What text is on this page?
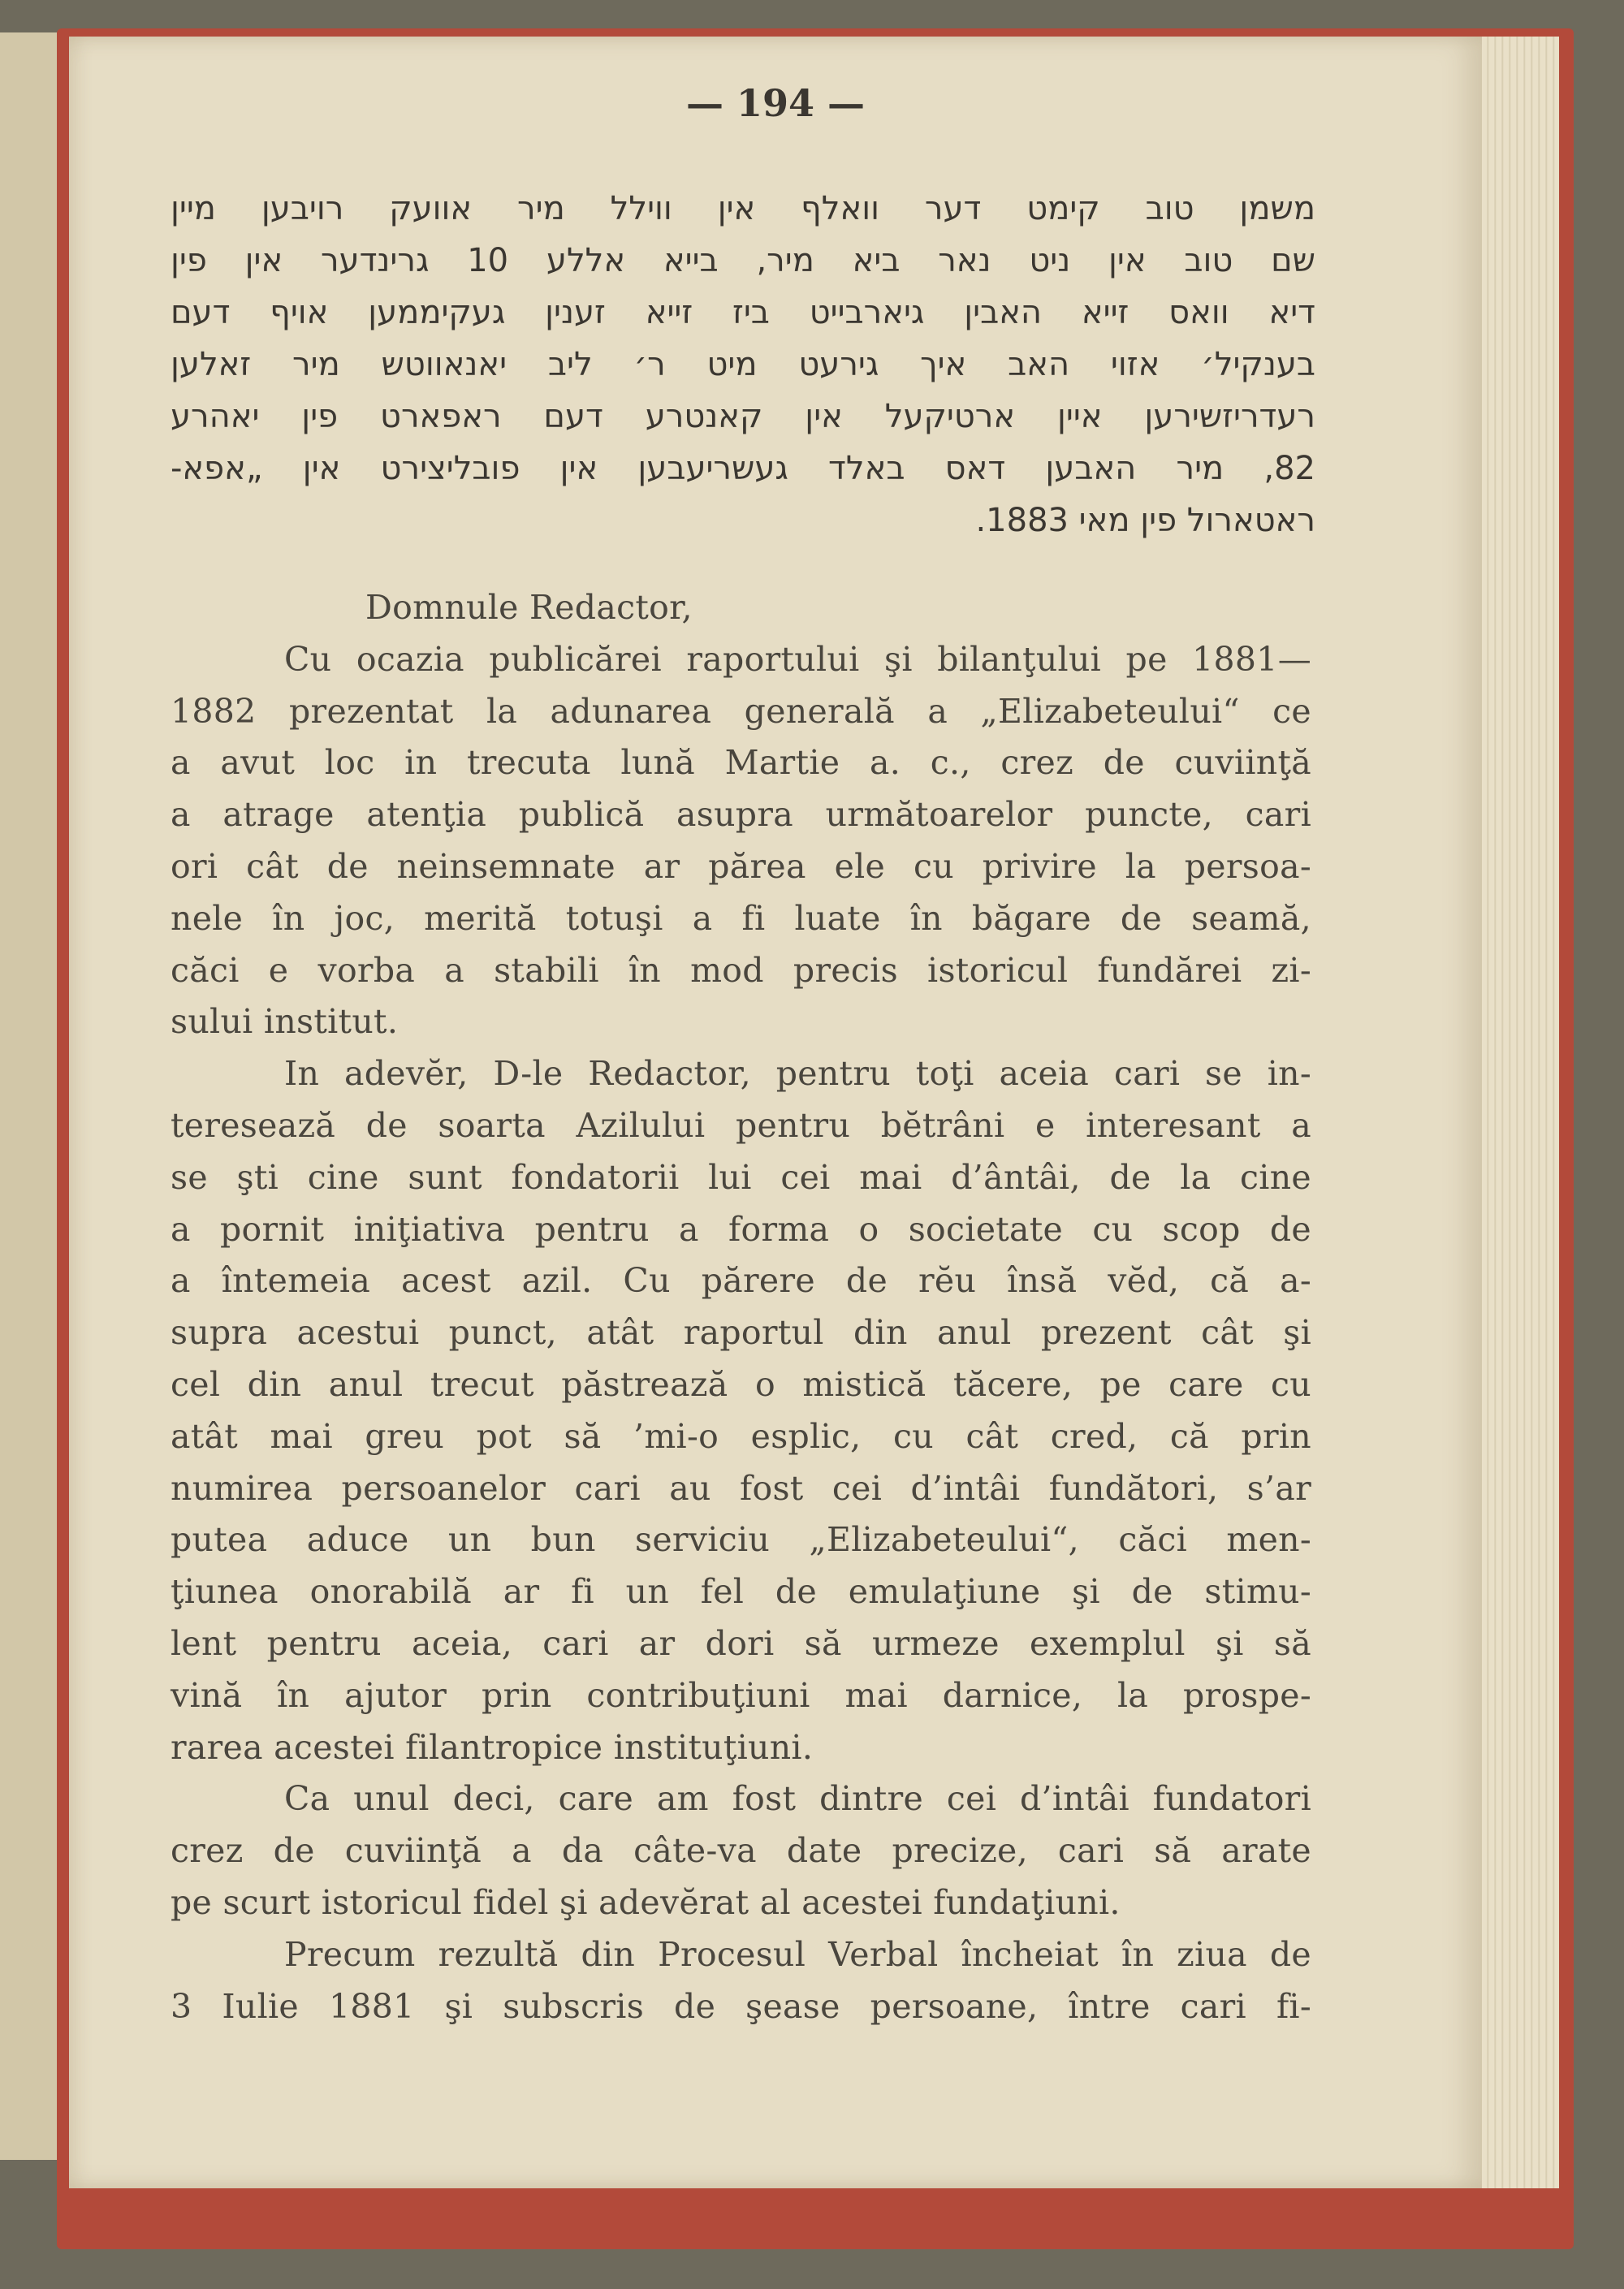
— 194 —
משמן טוב קימט דער וואלף אין ווילל מיר אוועק רויבען מיין
שם טוב אין ניט נאר ביא מיר, בייא אללע 10 גרינדער אין פין
דיא וואס זייא האבין גיארבייט ביז זייא זענין געקיממען אויף דעם
בענקיל׳ אזוי האב איך גירעט מיט ר׳ ליב יאנאווטש מיר זאלען
רעדריזשירען איין ארטיקעל אין קאנטרע דעם ראפארט פין יאהרע
82, מיר האבען דאס באלד געשריעבען אין פובליצירט אין „אפא-
ראטארול פין מאי 1883.
Domnule Redactor,
Cu ocazia publicărei raportului şi bilanţului pe 1881—
1882 prezentat la adunarea generală a „Elizabeteului“ ce
a avut loc in trecuta lună Martie a. c., crez de cuviinţă
a atrage atenţia publică asupra următoarelor puncte, cari
ori cât de neinsemnate ar părea ele cu privire la persoa-
nele în joc, merită totuşi a fi luate în băgare de seamă,
căci e vorba a stabili în mod precis istoricul fundărei zi-
sului institut.
In adevĕr, D-le Redactor, pentru toţi aceia cari se in-
teresează de soarta Azilului pentru bĕtrâni e interesant a
se şti cine sunt fondatorii lui cei mai d’ântâi, de la cine
a pornit iniţiativa pentru a forma o societate cu scop de
a întemeia acest azil. Cu părere de rĕu însă vĕd, că a-
supra acestui punct, atât raportul din anul prezent cât şi
cel din anul trecut păstrează o mistică tăcere, pe care cu
atât mai greu pot să ’mi-o esplic, cu cât cred, că prin
numirea persoanelor cari au fost cei d’intâi fundători, s’ar
putea aduce un bun serviciu „Elizabeteului“, căci men-
ţiunea onorabilă ar fi un fel de emulaţiune şi de stimu-
lent pentru aceia, cari ar dori să urmeze exemplul şi să
vină în ajutor prin contribuţiuni mai darnice, la prospe-
rarea acestei filantropice instituţiuni.
Ca unul deci, care am fost dintre cei d’intâi fundatori
crez de cuviinţă a da câte-va date precize, cari să arate
pe scurt istoricul fidel şi adevĕrat al acestei fundaţiuni.
Precum rezultă din Procesul Verbal încheiat în ziua de
3 Iulie 1881 şi subscris de şease persoane, între cari fi-
